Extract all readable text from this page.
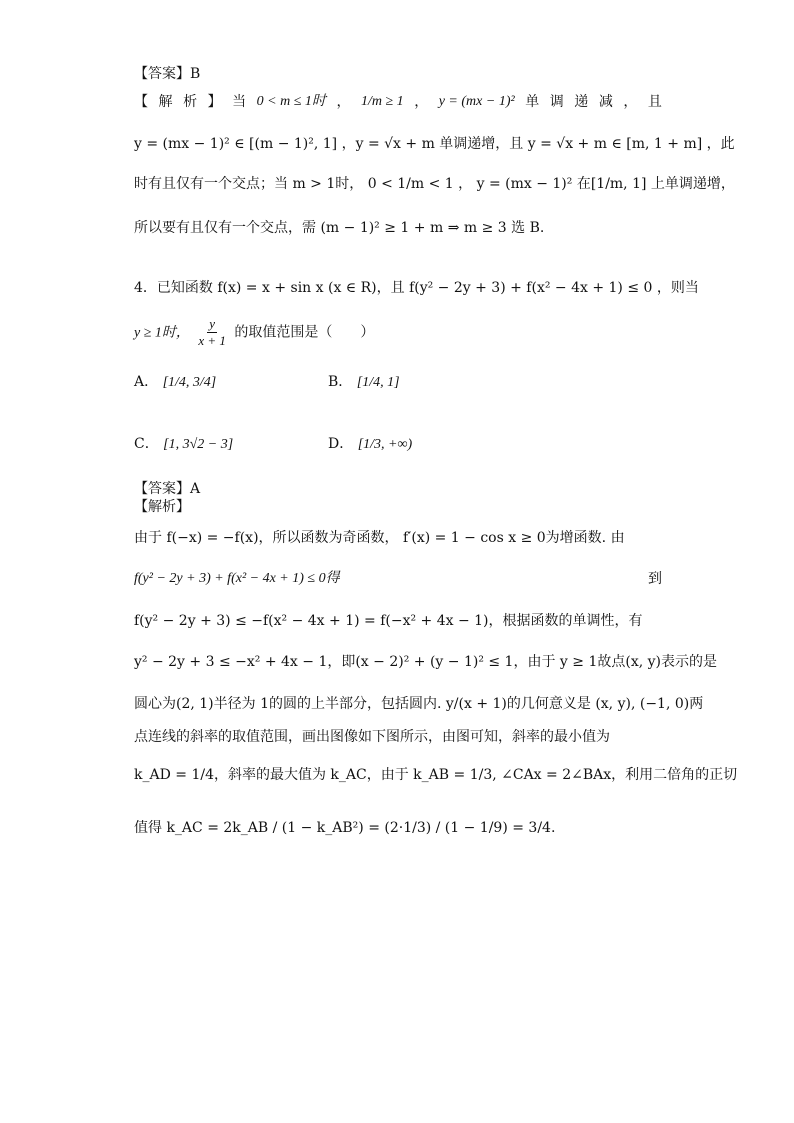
【答案】B
【 解 析 】 当 0 < m ≤ 1时 ， 1/m ≥ 1 ， y = (mx − 1)² 单 调 递 减 ， 且
y = (mx − 1)² ∈ [(m − 1)², 1] ，y = √x + m 单调递增，且 y = √x + m ∈ [m, 1 + m] ，此
时有且仅有一个交点；当 m > 1时， 0 < 1/m < 1 ， y = (mx − 1)² 在[1/m, 1] 上单调递增，
所以要有且仅有一个交点，需 (m − 1)² ≥ 1 + m ⇒ m ≥ 3 选 B.
4．已知函数 f(x) = x + sin x (x ∈ R)，且 f(y² − 2y + 3) + f(x² − 4x + 1) ≤ 0 ，则当
y ≥ 1时， $\frac{y}{x + 1}$ 的取值范围是（　　）
A． [1/4, 3/4]	B． [1/4, 1]
C． [1, 3√2 − 3]	D． [1/3, +∞)
【答案】A
【解析】
由于 f(−x) = −f(x)，所以函数为奇函数， f′(x) = 1 − cos x ≥ 0为增函数. 由
f(y² − 2y + 3) + f(x² − 4x + 1) ≤ 0得	到
f(y² − 2y + 3) ≤ −f(x² − 4x + 1) = f(−x² + 4x − 1)，根据函数的单调性，有
y² − 2y + 3 ≤ −x² + 4x − 1，即(x − 2)² + (y − 1)² ≤ 1，由于 y ≥ 1故点(x, y)表示的是
圆心为(2, 1)半径为 1的圆的上半部分，包括圆内. y/(x + 1)的几何意义是 (x, y), (−1, 0)两
点连线的斜率的取值范围，画出图像如下图所示，由图可知，斜率的最小值为
k_AD = 1/4，斜率的最大值为 k_AC，由于 k_AB = 1/3, ∠CAx = 2∠BAx，利用二倍角的正切
值得 k_AC = 2k_AB / (1 − k_AB²) = (2·1/3) / (1 − 1/9) = 3/4.
